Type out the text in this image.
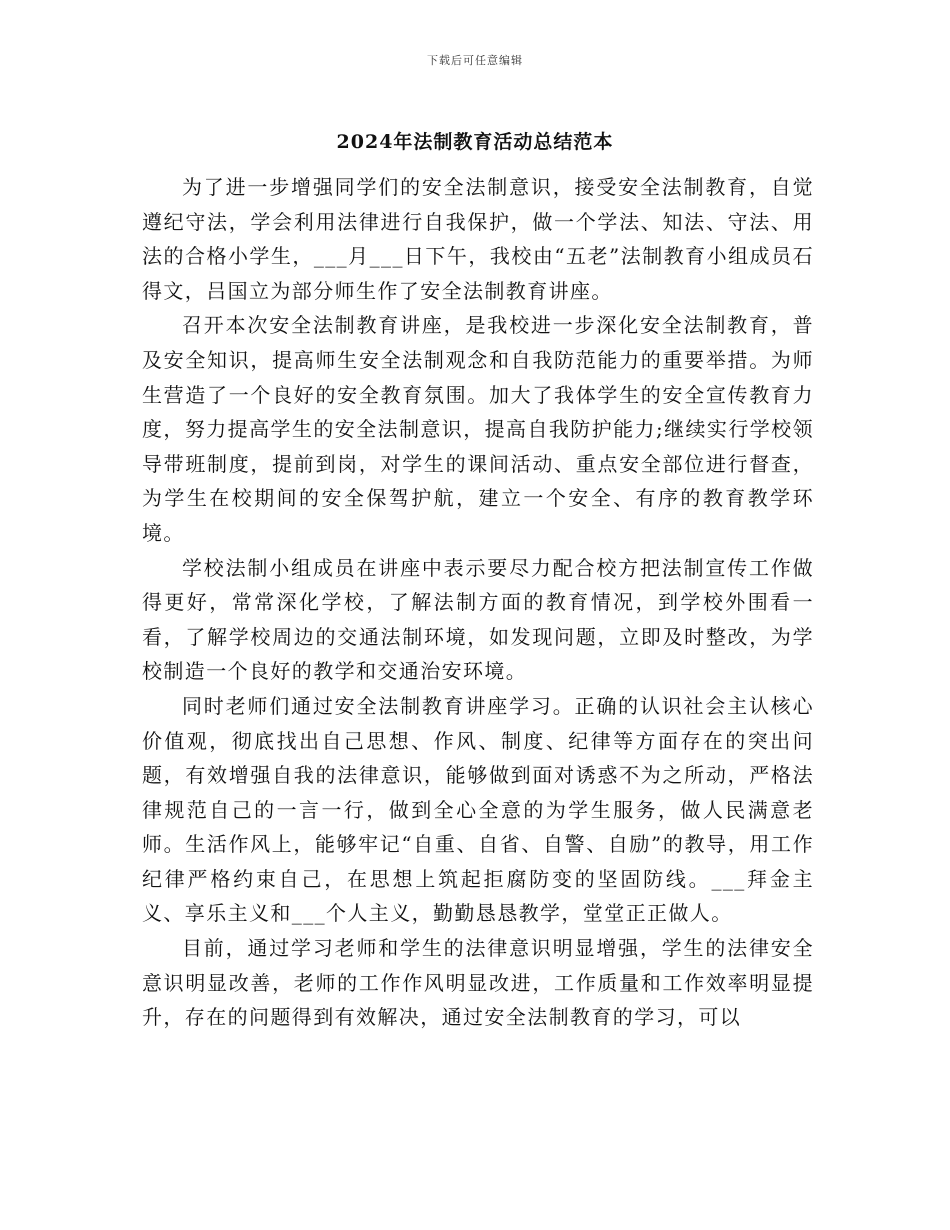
下载后可任意编辑
2024年法制教育活动总结范本

为了进一步增强同学们的安全法制意识，接受安全法制教育，自觉遵纪守法，学会利用法律进行自我保护，做一个学法、知法、守法、用法的合格小学生，___月___日下午，我校由“五老”法制教育小组成员石得文，吕国立为部分师生作了安全法制教育讲座。

召开本次安全法制教育讲座，是我校进一步深化安全法制教育，普及安全知识，提高师生安全法制观念和自我防范能力的重要举措。为师生营造了一个良好的安全教育氛围。加大了我体学生的安全宣传教育力度，努力提高学生的安全法制意识，提高自我防护能力;继续实行学校领导带班制度，提前到岗，对学生的课间活动、重点安全部位进行督查，为学生在校期间的安全保驾护航，建立一个安全、有序的教育教学环境。

学校法制小组成员在讲座中表示要尽力配合校方把法制宣传工作做得更好，常常深化学校，了解法制方面的教育情况，到学校外围看一看，了解学校周边的交通法制环境，如发现问题，立即及时整改，为学校制造一个良好的教学和交通治安环境。

同时老师们通过安全法制教育讲座学习。正确的认识社会主认核心价值观，彻底找出自己思想、作风、制度、纪律等方面存在的突出问题，有效增强自我的法律意识，能够做到面对诱惑不为之所动，严格法律规范自己的一言一行，做到全心全意的为学生服务，做人民满意老师。生活作风上，能够牢记“自重、自省、自警、自励”的教导，用工作纪律严格约束自己，在思想上筑起拒腐防变的坚固防线。___拜金主义、享乐主义和___个人主义，勤勤恳恳教学，堂堂正正做人。

目前，通过学习老师和学生的法律意识明显增强，学生的法律安全意识明显改善，老师的工作作风明显改进，工作质量和工作效率明显提升，存在的问题得到有效解决，通过安全法制教育的学习，可以
